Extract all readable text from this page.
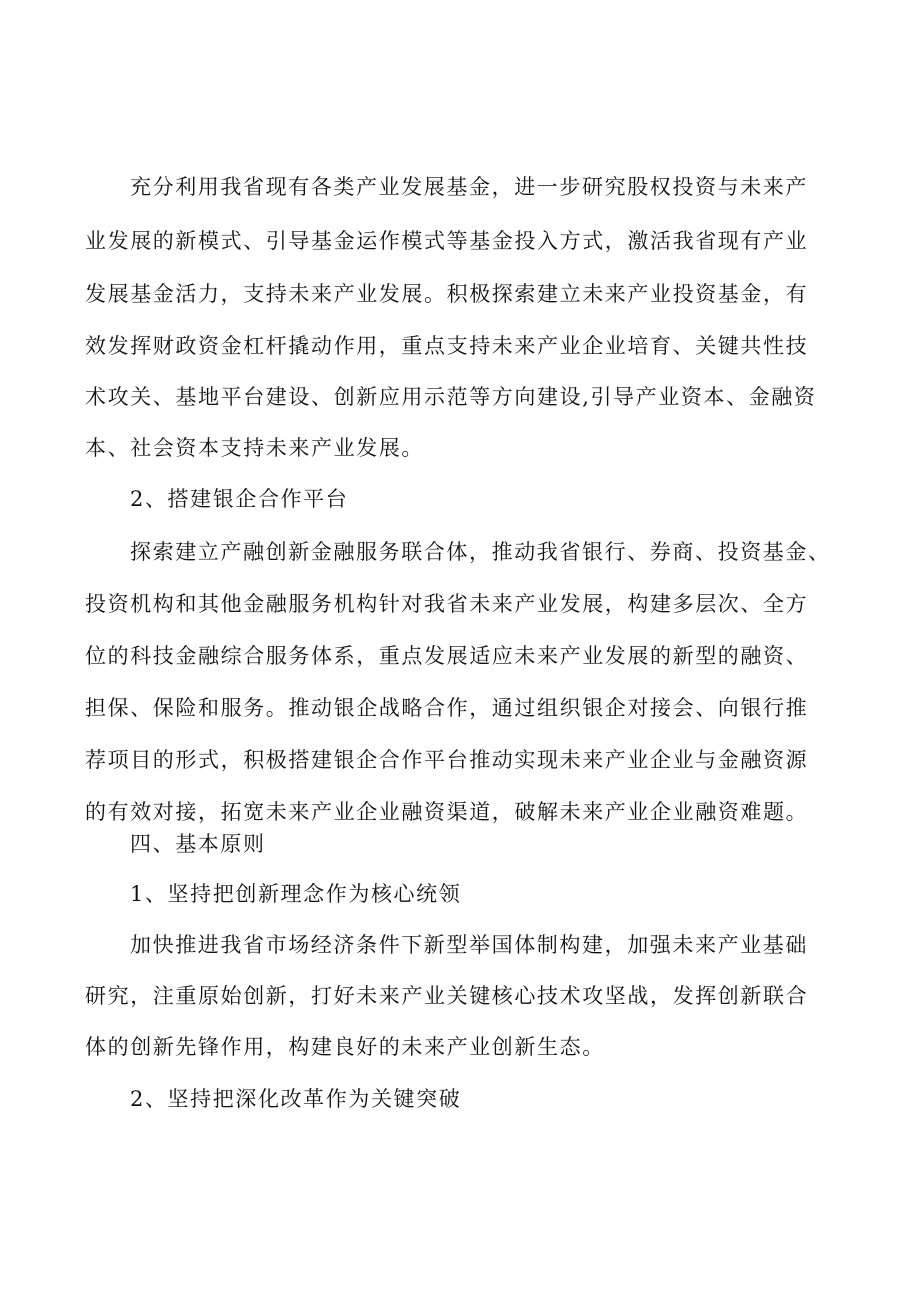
充分利用我省现有各类产业发展基金，进一步研究股权投资与未来产
业发展的新模式、引导基金运作模式等基金投入方式，激活我省现有产业
发展基金活力，支持未来产业发展。积极探索建立未来产业投资基金，有
效发挥财政资金杠杆撬动作用，重点支持未来产业企业培育、关键共性技
术攻关、基地平台建设、创新应用示范等方向建设,引导产业资本、金融资
本、社会资本支持未来产业发展。
2、搭建银企合作平台
探索建立产融创新金融服务联合体，推动我省银行、券商、投资基金、
投资机构和其他金融服务机构针对我省未来产业发展，构建多层次、全方
位的科技金融综合服务体系，重点发展适应未来产业发展的新型的融资、
担保、保险和服务。推动银企战略合作，通过组织银企对接会、向银行推
荐项目的形式，积极搭建银企合作平台推动实现未来产业企业与金融资源
的有效对接，拓宽未来产业企业融资渠道，破解未来产业企业融资难题。
四、基本原则
1、坚持把创新理念作为核心统领
加快推进我省市场经济条件下新型举国体制构建，加强未来产业基础
研究，注重原始创新，打好未来产业关键核心技术攻坚战，发挥创新联合
体的创新先锋作用，构建良好的未来产业创新生态。
2、坚持把深化改革作为关键突破
